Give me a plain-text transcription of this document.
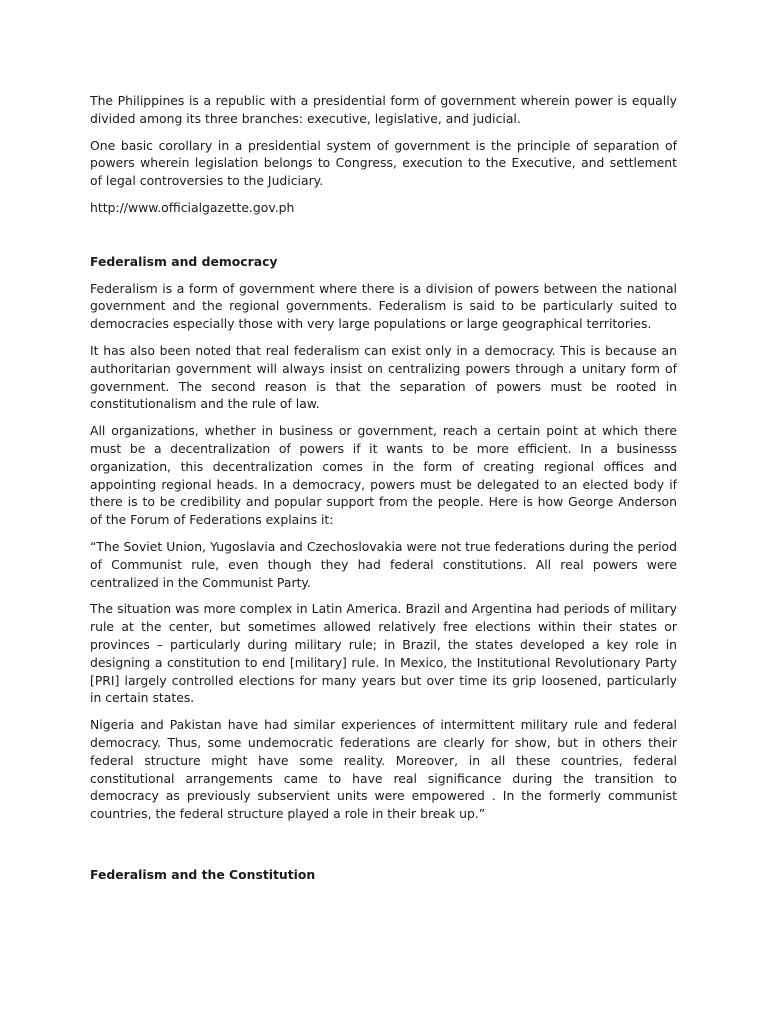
The Philippines is a republic with a presidential form of government wherein power is equally divided among its three branches: executive, legislative, and judicial.

One basic corollary in a presidential system of government is the principle of separation of powers wherein legislation belongs to Congress, execution to the Executive, and settlement of legal controversies to the Judiciary.

http://www.officialgazette.gov.ph

Federalism and democracy

Federalism is a form of government where there is a division of powers between the national government and the regional governments. Federalism is said to be particularly suited to democracies especially those with very large populations or large geographical territories.

It has also been noted that real federalism can exist only in a democracy. This is because an authoritarian government will always insist on centralizing powers through a unitary form of government. The second reason is that the separation of powers must be rooted in constitutionalism and the rule of law.

All organizations, whether in business or government, reach a certain point at which there must be a decentralization of powers if it wants to be more efficient. In a businesss organization, this decentralization comes in the form of creating regional offices and appointing regional heads. In a democracy, powers must be delegated to an elected body if there is to be credibility and popular support from the people. Here is how George Anderson of the Forum of Federations explains it:

“The Soviet Union, Yugoslavia and Czechoslovakia were not true federations during the period of Communist rule, even though they had federal constitutions. All real powers were centralized in the Communist Party.

The situation was more complex in Latin America. Brazil and Argentina had periods of military rule at the center, but sometimes allowed relatively free elections within their states or provinces – particularly during military rule; in Brazil, the states developed a key role in designing a constitution to end [military] rule. In Mexico, the Institutional Revolutionary Party [PRI] largely controlled elections for many years but over time its grip loosened, particularly in certain states.

Nigeria and Pakistan have had similar experiences of intermittent military rule and federal democracy. Thus, some undemocratic federations are clearly for show, but in others their federal structure might have some reality. Moreover, in all these countries, federal constitutional arrangements came to have real significance during the transition to democracy as previously subservient units were empowered . In the formerly communist countries, the federal structure played a role in their break up.”

Federalism and the Constitution
